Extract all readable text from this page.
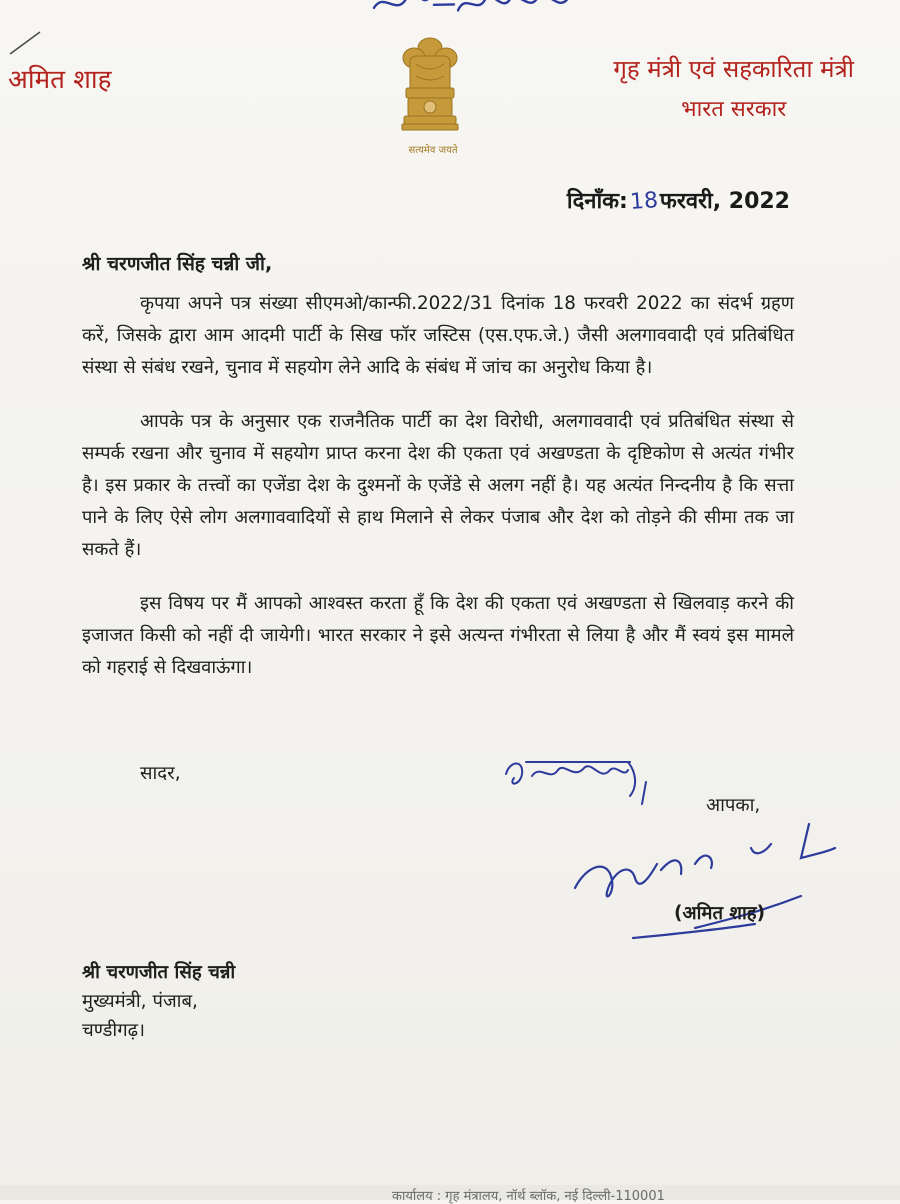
अमित शाह
सत्यमेव जयते
गृह मंत्री एवं सहकारिता मंत्री
भारत सरकार
दिनाँक:18फरवरी, 2022
श्री चरणजीत सिंह चन्नी जी,

कृपया अपने पत्र संख्या सीएमओ/कान्फी.2022/31 दिनांक 18 फरवरी 2022 का संदर्भ ग्रहण करें, जिसके द्वारा आम आदमी पार्टी के सिख फॉर जस्टिस (एस.एफ.जे.) जैसी अलगाववादी एवं प्रतिबंधित संस्था से संबंध रखने, चुनाव में सहयोग लेने आदि के संबंध में जांच का अनुरोध किया है।

आपके पत्र के अनुसार एक राजनैतिक पार्टी का देश विरोधी, अलगाववादी एवं प्रतिबंधित संस्था से सम्पर्क रखना और चुनाव में सहयोग प्राप्त करना देश की एकता एवं अखण्डता के दृष्टिकोण से अत्यंत गंभीर है। इस प्रकार के तत्त्वों का एजेंडा देश के दुश्मनों के एजेंडे से अलग नहीं है। यह अत्यंत निन्दनीय है कि सत्ता पाने के लिए ऐसे लोग अलगाववादियों से हाथ मिलाने से लेकर पंजाब और देश को तोड़ने की सीमा तक जा सकते हैं।

इस विषय पर मैं आपको आश्वस्त करता हूँ कि देश की एकता एवं अखण्डता से खिलवाड़ करने की इजाजत किसी को नहीं दी जायेगी। भारत सरकार ने इसे अत्यन्त गंभीरता से लिया है और मैं स्वयं इस मामले को गहराई से दिखवाऊंगा।

सादर,
आपका,
(अमित शाह)
श्री चरणजीत सिंह चन्नी
मुख्यमंत्री, पंजाब,
चण्डीगढ़।
कार्यालय : गृह मंत्रालय, नॉर्थ ब्लॉक, नई दिल्ली-110001
